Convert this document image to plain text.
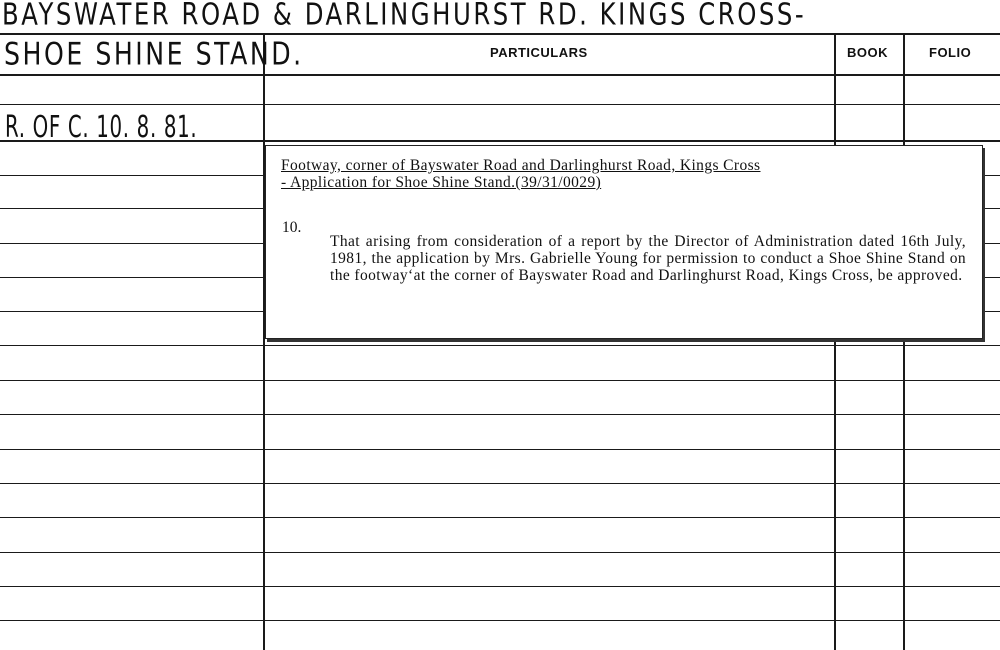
BAYSWATER ROAD & DARLINGHURST RD. KINGS CROSS-
SHOE SHINE STAND.
R. OF C. 10. 8. 81.
PARTICULARS	BOOK	FOLIO
Footway, corner of Bayswater Road and Darlinghurst Road, Kings Cross
- Application for Shoe Shine Stand.(39/31/0029)
10.
That arising from consideration of a report by the Director of Administration dated 16th July, 1981, the application by Mrs. Gabrielle Young for permission to conduct a Shoe Shine Stand on the footway‘at the corner of Bayswater Road and Darlinghurst Road, Kings Cross, be approved.
